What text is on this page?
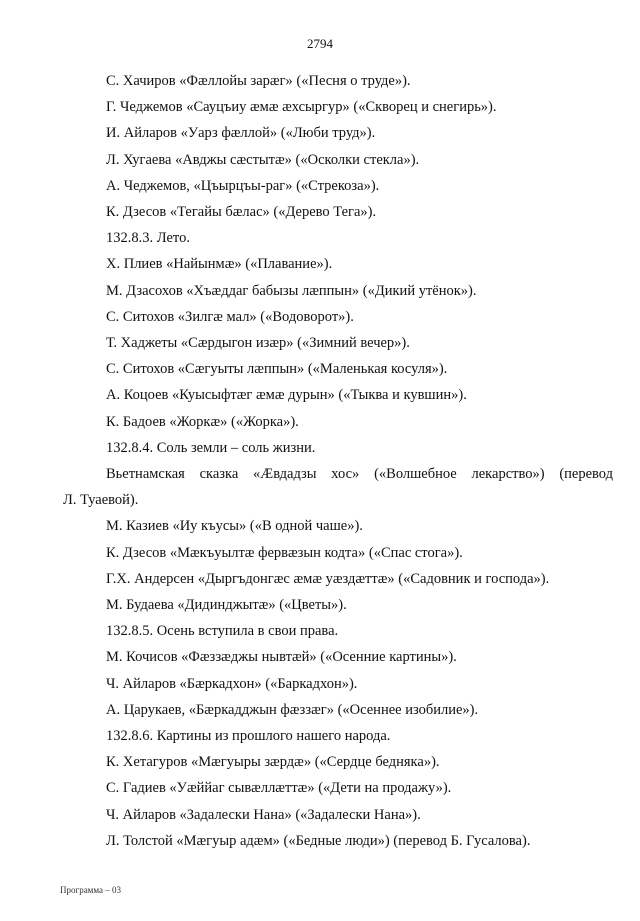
2794
С. Хачиров «Фæллойы зарæг» («Песня о труде»).
Г. Чеджемов «Сауцъиу æмæ æхсыргур» («Скворец и снегирь»).
И. Айларов «Уарз фæллой» («Люби труд»).
Л. Хугаева «Авджы сæстытæ» («Осколки стекла»).
А. Чеджемов, «Цъырцъы-раг» («Стрекоза»).
К. Дзесов «Тегайы бæлас» («Дерево Тега»).
132.8.3. Лето.
Х. Плиев «Найынмæ» («Плавание»).
М. Дзасохов «Хъæддаг бабызы лæппын» («Дикий утёнок»).
С. Ситохов «Зилгæ мал» («Водоворот»).
Т. Хаджеты «Сæрдыгон изæр» («Зимний вечер»).
С. Ситохов «Сæгуыты лæппын» («Маленькая косуля»).
А. Коцоев «Куысыфтæг æмæ дурын» («Тыква и кувшин»).
К. Бадоев «Жоркæ» («Жорка»).
132.8.4. Соль земли – соль жизни.
Вьетнамская сказка «Æвдадзы хос» («Волшебное лекарство») (перевод
Л. Туаевой).
М. Казиев «Иу къусы» («В одной чаше»).
К. Дзесов «Мæкъуылтæ фервæзын кодта» («Спас стога»).
Г.Х. Андерсен «Дыргъдонгæс æмæ уæздæттæ» («Садовник и господа»).
М. Будаева «Дидинджытæ» («Цветы»).
132.8.5. Осень вступила в свои права.
М. Кочисов «Фæззæджы нывтæй» («Осенние картины»).
Ч. Айларов «Бæркадхон» («Баркадхон»).
А. Царукаев, «Бæркадджын фæззæг» («Осеннее изобилие»).
132.8.6. Картины из прошлого нашего народа.
К. Хетагуров «Мæгуыры зæрдæ» («Сердце бедняка»).
С. Гадиев «Уæййаг сывæллæттæ» («Дети на продажу»).
Ч. Айларов «Задалески Нана» («Задалески Нана»).
Л. Толстой «Мæгуыр адæм» («Бедные люди») (перевод Б. Гусалова).
Программа – 03
